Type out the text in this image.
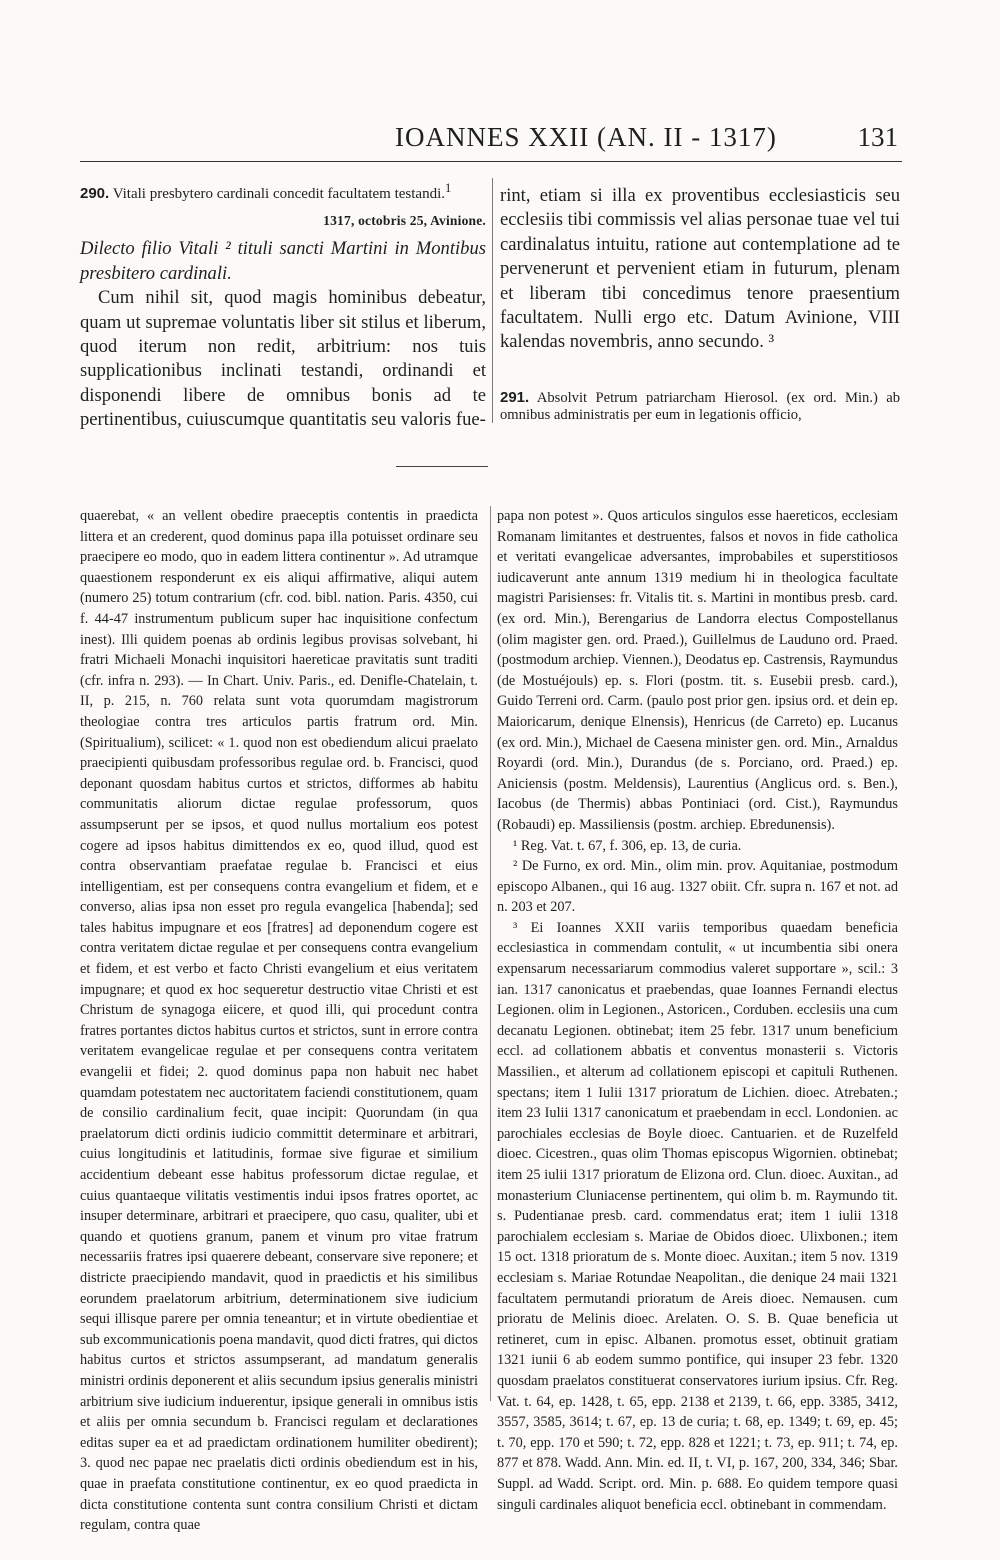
IOANNES XXII (AN. II - 1317)	131

290. Vitali presbytero cardinali concedit facultatem testandi.$^1$

1317, octobris 25, Avinione.

Dilecto filio Vitali ² tituli sancti Martini in Montibus presbitero cardinali.

Cum nihil sit, quod magis hominibus debeatur, quam ut supremae voluntatis liber sit stilus et liberum, quod iterum non redit, arbitrium: nos tuis supplicationibus inclinati testandi, ordinandi et disponendi libere de omnibus bonis ad te pertinentibus, cuiuscumque quantitatis seu valoris fue-

rint, etiam si illa ex proventibus ecclesiasticis seu ecclesiis tibi commissis vel alias personae tuae vel tui cardinalatus intuitu, ratione aut contemplatione ad te pervenerunt et pervenient etiam in futurum, plenam et liberam tibi concedimus tenore praesentium facultatem. Nulli ergo etc. Datum Avinione, VIII kalendas novembris, anno secundo. ³

291. Absolvit Petrum patriarcham Hierosol. (ex ord. Min.) ab omnibus administratis per eum in legationis officio,

quaerebat, « an vellent obedire praeceptis contentis in praedicta littera et an crederent, quod dominus papa illa potuisset ordinare seu praecipere eo modo, quo in eadem littera continentur ». Ad utramque quaestionem responderunt ex eis aliqui affirmative, aliqui autem (numero 25) totum contrarium (cfr. cod. bibl. nation. Paris. 4350, cui f. 44-47 instrumentum publicum super hac inquisitione confectum inest). Illi quidem poenas ab ordinis legibus provisas solvebant, hi fratri Michaeli Monachi inquisitori haereticae pravitatis sunt traditi (cfr. infra n. 293). — In Chart. Univ. Paris., ed. Denifle-Chatelain, t. II, p. 215, n. 760 relata sunt vota quorumdam magistrorum theologiae contra tres articulos partis fratrum ord. Min. (Spiritualium), scilicet: « 1. quod non est obediendum alicui praelato praecipienti quibusdam professoribus regulae ord. b. Francisci, quod deponant quosdam habitus curtos et strictos, difformes ab habitu communitatis aliorum dictae regulae professorum, quos assumpserunt per se ipsos, et quod nullus mortalium eos potest cogere ad ipsos habitus dimittendos ex eo, quod illud, quod est contra observantiam praefatae regulae b. Francisci et eius intelligentiam, est per consequens contra evangelium et fidem, et e converso, alias ipsa non esset pro regula evangelica [habenda]; sed tales habitus impugnare et eos [fratres] ad deponendum cogere est contra veritatem dictae regulae et per consequens contra evangelium et fidem, et est verbo et facto Christi evangelium et eius veritatem impugnare; et quod ex hoc sequeretur destructio vitae Christi et est Christum de synagoga eiicere, et quod illi, qui procedunt contra fratres portantes dictos habitus curtos et strictos, sunt in errore contra veritatem evangelicae regulae et per consequens contra veritatem evangelii et fidei; 2. quod dominus papa non habuit nec habet quamdam potestatem nec auctoritatem faciendi constitutionem, quam de consilio cardinalium fecit, quae incipit: Quorundam (in qua praelatorum dicti ordinis iudicio committit determinare et arbitrari, cuius longitudinis et latitudinis, formae sive figurae et similium accidentium debeant esse habitus professorum dictae regulae, et cuius quantaeque vilitatis vestimentis indui ipsos fratres oportet, ac insuper determinare, arbitrari et praecipere, quo casu, qualiter, ubi et quando et quotiens granum, panem et vinum pro vitae fratrum necessariis fratres ipsi quaerere debeant, conservare sive reponere; et districte praecipiendo mandavit, quod in praedictis et his similibus eorundem praelatorum arbitrium, determinationem sive iudicium sequi illisque parere per omnia teneantur; et in virtute obedientiae et sub excommunicationis poena mandavit, quod dicti fratres, qui dictos habitus curtos et strictos assumpserant, ad mandatum generalis ministri ordinis deponerent et aliis secundum ipsius generalis ministri arbitrium sive iudicium induerentur, ipsique generali in omnibus istis et aliis per omnia secundum b. Francisci regulam et declarationes editas super ea et ad praedictam ordinationem humiliter obedirent); 3. quod nec papae nec praelatis dicti ordinis obediendum est in his, quae in praefata constitutione continentur, ex eo quod praedicta in dicta constitutione contenta sunt contra consilium Christi et dictam regulam, contra quae

papa non potest ». Quos articulos singulos esse haereticos, ecclesiam Romanam limitantes et destruentes, falsos et novos in fide catholica et veritati evangelicae adversantes, improbabiles et superstitiosos iudicaverunt ante annum 1319 medium hi in theologica facultate magistri Parisienses: fr. Vitalis tit. s. Martini in montibus presb. card. (ex ord. Min.), Berengarius de Landorra electus Compostellanus (olim magister gen. ord. Praed.), Guillelmus de Lauduno ord. Praed. (postmodum archiep. Viennen.), Deodatus ep. Castrensis, Raymundus (de Mostuéjouls) ep. s. Flori (postm. tit. s. Eusebii presb. card.), Guido Terreni ord. Carm. (paulo post prior gen. ipsius ord. et dein ep. Maioricarum, denique Elnensis), Henricus (de Carreto) ep. Lucanus (ex ord. Min.), Michael de Caesena minister gen. ord. Min., Arnaldus Royardi (ord. Min.), Durandus (de s. Porciano, ord. Praed.) ep. Aniciensis (postm. Meldensis), Laurentius (Anglicus ord. s. Ben.), Iacobus (de Thermis) abbas Pontiniaci (ord. Cist.), Raymundus (Robaudi) ep. Massiliensis (postm. archiep. Ebredunensis).

¹ Reg. Vat. t. 67, f. 306, ep. 13, de curia.

² De Furno, ex ord. Min., olim min. prov. Aquitaniae, postmodum episcopo Albanen., qui 16 aug. 1327 obiit. Cfr. supra n. 167 et not. ad n. 203 et 207.

³ Ei Ioannes XXII variis temporibus quaedam beneficia ecclesiastica in commendam contulit, « ut incumbentia sibi onera expensarum necessariarum commodius valeret supportare », scil.: 3 ian. 1317 canonicatus et praebendas, quae Ioannes Fernandi electus Legionen. olim in Legionen., Astoricen., Corduben. ecclesiis una cum decanatu Legionen. obtinebat; item 25 febr. 1317 unum beneficium eccl. ad collationem abbatis et conventus monasterii s. Victoris Massilien., et alterum ad collationem episcopi et capituli Ruthenen. spectans; item 1 Iulii 1317 prioratum de Lichien. dioec. Atrebaten.; item 23 Iulii 1317 canonicatum et praebendam in eccl. Londonien. ac parochiales ecclesias de Boyle dioec. Cantuarien. et de Ruzelfeld dioec. Cicestren., quas olim Thomas episcopus Wigornien. obtinebat; item 25 iulii 1317 prioratum de Elizona ord. Clun. dioec. Auxitan., ad monasterium Cluniacense pertinentem, qui olim b. m. Raymundo tit. s. Pudentianae presb. card. commendatus erat; item 1 iulii 1318 parochialem ecclesiam s. Mariae de Obidos dioec. Ulixbonen.; item 15 oct. 1318 prioratum de s. Monte dioec. Auxitan.; item 5 nov. 1319 ecclesiam s. Mariae Rotundae Neapolitan., die denique 24 maii 1321 facultatem permutandi prioratum de Areis dioec. Nemausen. cum prioratu de Melinis dioec. Arelaten. O. S. B. Quae beneficia ut retineret, cum in episc. Albanen. promotus esset, obtinuit gratiam 1321 iunii 6 ab eodem summo pontifice, qui insuper 23 febr. 1320 quosdam praelatos constituerat conservatores iurium ipsius. Cfr. Reg. Vat. t. 64, ep. 1428, t. 65, epp. 2138 et 2139, t. 66, epp. 3385, 3412, 3557, 3585, 3614; t. 67, ep. 13 de curia; t. 68, ep. 1349; t. 69, ep. 45; t. 70, epp. 170 et 590; t. 72, epp. 828 et 1221; t. 73, ep. 911; t. 74, ep. 877 et 878. Wadd. Ann. Min. ed. II, t. VI, p. 167, 200, 334, 346; Sbar. Suppl. ad Wadd. Script. ord. Min. p. 688. Eo quidem tempore quasi singuli cardinales aliquot beneficia eccl. obtinebant in commendam.
